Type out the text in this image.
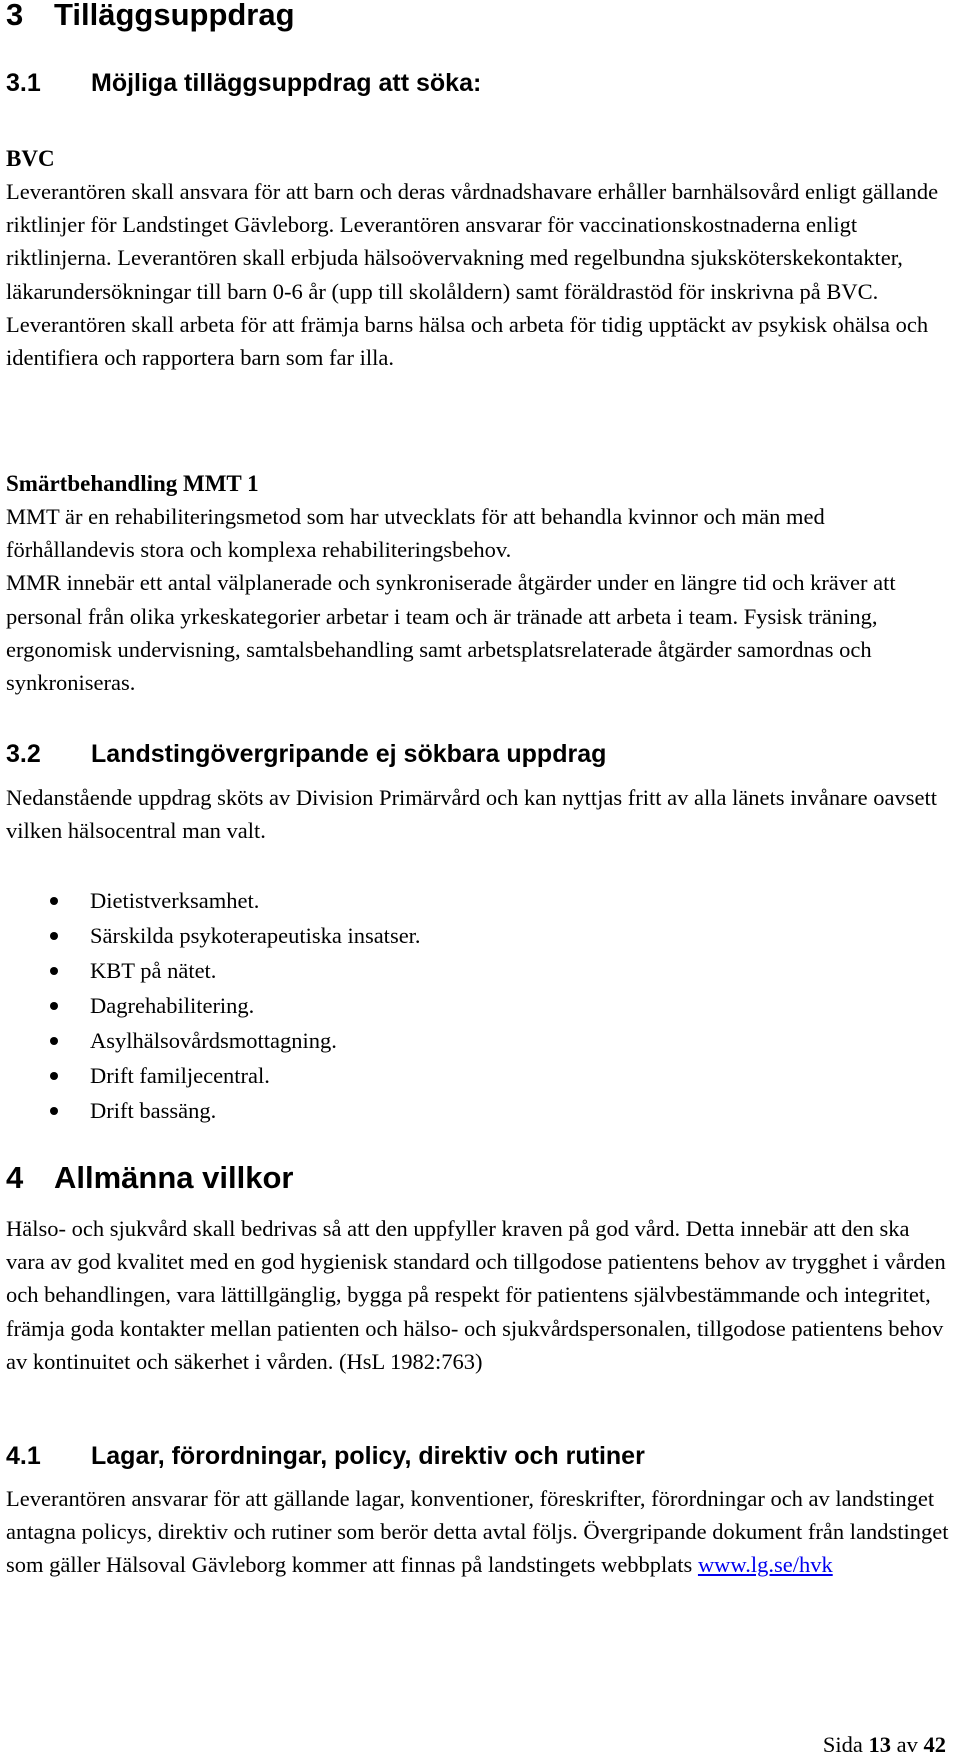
3 Tilläggsuppdrag
3.1 Möjliga tilläggsuppdrag att söka:
BVC
Leverantören skall ansvara för att barn och deras vårdnadshavare erhåller barnhälsovård enligt gällande riktlinjer för Landstinget Gävleborg. Leverantören ansvarar för vaccinationskostnaderna enligt riktlinjerna. Leverantören skall erbjuda hälsoövervakning med regelbundna sjuksköterskekontakter, läkarundersökningar till barn 0-6 år (upp till skolåldern) samt föräldrastöd för inskrivna på BVC.
Leverantören skall arbeta för att främja barns hälsa och arbeta för tidig upptäckt av psykisk ohälsa och identifiera och rapportera barn som far illa.
Smärtbehandling MMT 1
MMT är en rehabiliteringsmetod som har utvecklats för att behandla kvinnor och män med förhållandevis stora och komplexa rehabiliteringsbehov.
MMR innebär ett antal välplanerade och synkroniserade åtgärder under en längre tid och kräver att personal från olika yrkeskategorier arbetar i team och är tränade att arbeta i team. Fysisk träning, ergonomisk undervisning, samtalsbehandling samt arbetsplatsrelaterade åtgärder samordnas och synkroniseras.
3.2 Landstingövergripande ej sökbara uppdrag
Nedanstående uppdrag sköts av Division Primärvård och kan nyttjas fritt av alla länets invånare oavsett vilken hälsocentral man valt.
Dietistverksamhet.
Särskilda psykoterapeutiska insatser.
KBT på nätet.
Dagrehabilitering.
Asylhälsovårdsmottagning.
Drift familjecentral.
Drift bassäng.
4 Allmänna villkor
Hälso- och sjukvård skall bedrivas så att den uppfyller kraven på god vård. Detta innebär att den ska vara av god kvalitet med en god hygienisk standard och tillgodose patientens behov av trygghet i vården och behandlingen, vara lättillgänglig, bygga på respekt för patientens självbestämmande och integritet, främja goda kontakter mellan patienten och hälso- och sjukvårdspersonalen, tillgodose patientens behov av kontinuitet och säkerhet i vården. (HsL 1982:763)
4.1 Lagar, förordningar, policy, direktiv och rutiner
Leverantören ansvarar för att gällande lagar, konventioner, föreskrifter, förordningar och av landstinget antagna policys, direktiv och rutiner som berör detta avtal följs. Övergripande dokument från landstinget som gäller Hälsoval Gävleborg kommer att finnas på landstingets webbplats www.lg.se/hvk
Sida 13 av 42
